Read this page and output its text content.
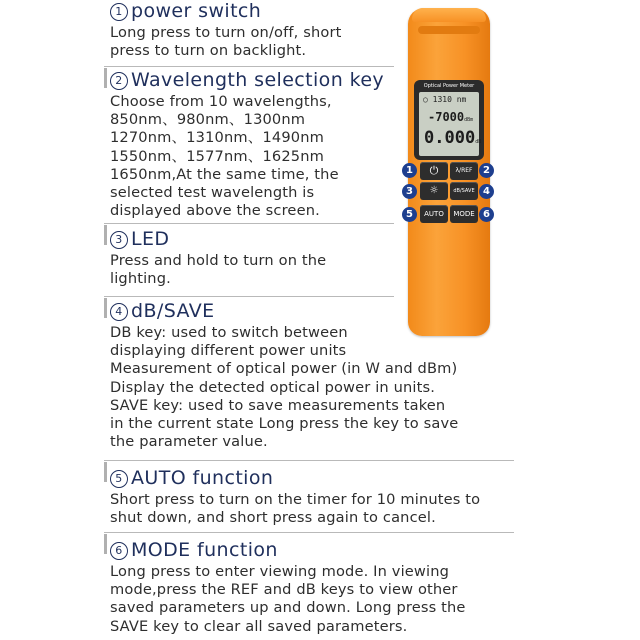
1 power switch
Long press to turn on/off, short
press to turn on backlight.
2 Wavelength selection key
Choose from 10 wavelengths,
850nm、980nm、1300nm
1270nm、1310nm、1490nm
1550nm、1577nm、1625nm
1650nm,At the same time, the
selected test wavelength is
displayed above the screen.
3 LED
Press and hold to turn on the
lighting.
4 dB/SAVE
DB key: used to switch between
displaying different power units
Measurement of optical power (in W and dBm)
Display the detected optical power in units.
SAVE key: used to save measurements taken
in the current state Long press the key to save
the parameter value.
5 AUTO function
Short press to turn on the timer for 10 minutes to
shut down, and short press again to cancel.
6 MODE function
Long press to enter viewing mode. In viewing
mode,press the REF and dB keys to view other
saved parameters up and down. Long press the
SAVE key to clear all saved parameters.
Optical Power Meter
○ 1310 nm
-7000dBm
0.000dB
⏻	λ/REF
☼	dB/SAVE
AUTO	MODE
1	2
3	4
5	6
